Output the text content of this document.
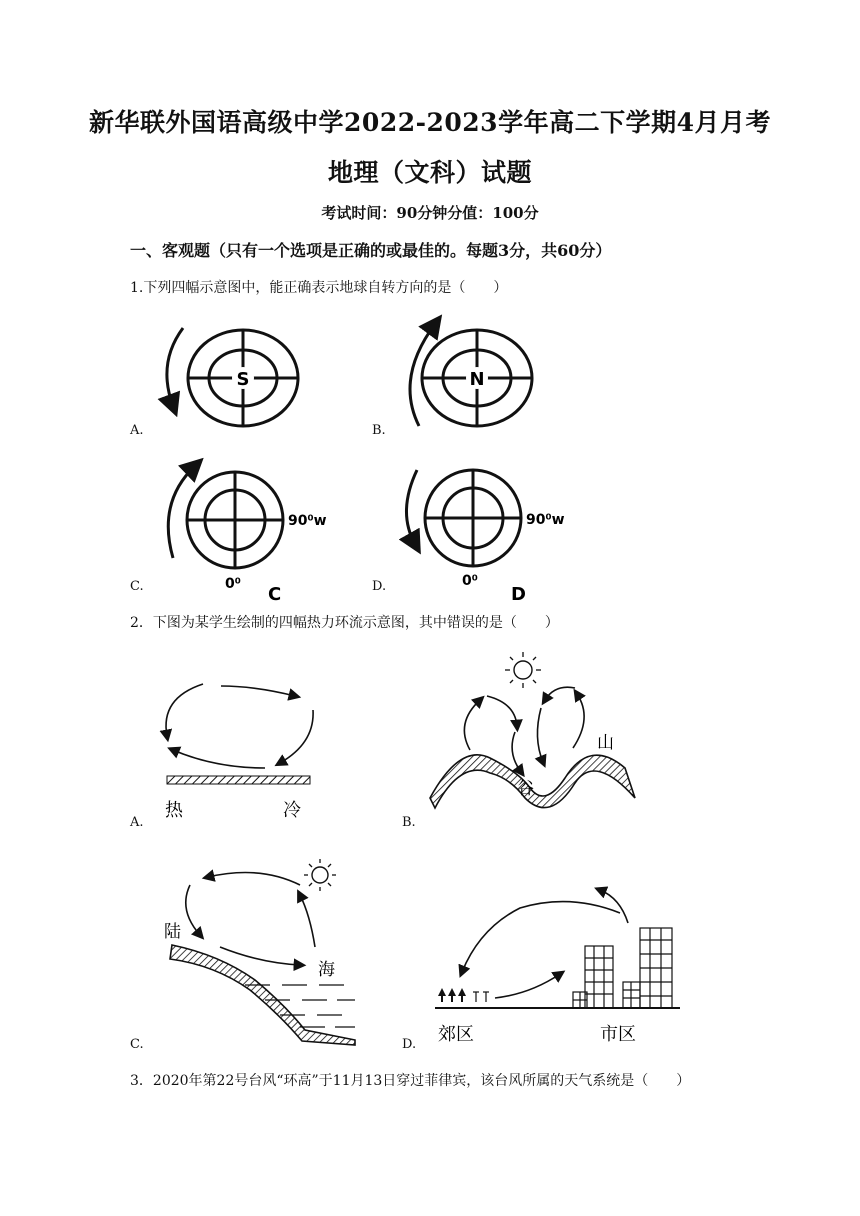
新华联外国语高级中学2022-2023学年高二下学期4月月考
地理（文科）试题
考试时间：90分钟分值：100分
一、客观题（只有一个选项是正确的或最佳的。每题3分，共60分）
1.下列四幅示意图中，能正确表示地球自转方向的是（　　）
S
A.
N
B.
90⁰w
0⁰ C
C.
90⁰w
0⁰
D
D.
2．下图为某学生绘制的四幅热力环流示意图，其中错误的是（　　）
热	冷
A.
山
谷
B.
陆
海
C.	郊区	市区
D.
3．2020年第22号台风“环高”于11月13日穿过菲律宾，该台风所属的天气系统是（　　）
